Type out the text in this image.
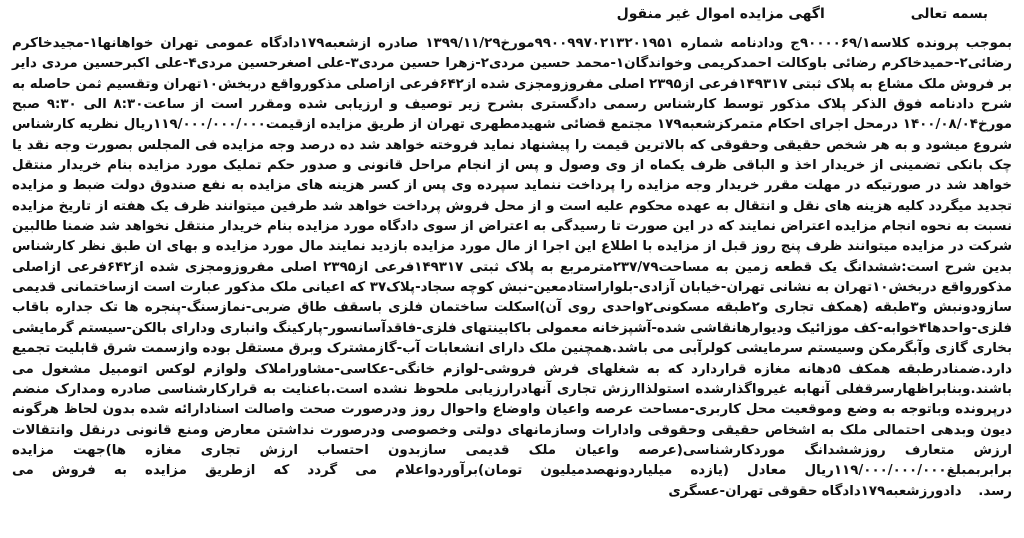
بسمه تعالی
اگهی مزایده اموال غیر منقول

بموجب پرونده کلاسه۹۰۰۰۰۶۹/۱ج ودادنامه شماره ۹۹۰۰۹۹۷۰۲۱۳۲۰۱۹۵۱مورخ۱۳۹۹/۱۱/۲۹ صادره ازشعبه۱۷۹دادگاه عمومی تهران خواهانها۱-مجیدخاکرم رضائی۲-حمیدخاکرم رضائی باوکالت احمدکریمی وخواندگان۱-محمد حسین مردی۲-زهرا حسین مردی۳-علی اصغرحسین مردی۴-علی اکبرحسین مردی دایر بر فروش ملک مشاع به پلاک ثبتی ۱۴۹۳۱۷فرعی از۲۳۹۵ اصلی مفروزومجزی شده از۶۴۲فرعی ازاصلی مذکورواقع دربخش۱۰تهران وتقسیم ثمن حاصله به شرح دادنامه فوق الذکر پلاک مذکور توسط کارشناس رسمی دادگستری بشرح زیر توصیف و ارزیابی شده ومقرر است از ساعت۸:۳۰ الی ۹:۳۰ صبح مورخ۱۴۰۰/۰۸/۰۴ درمحل اجرای احکام متمرکزشعبه۱۷۹ مجتمع قضائی شهیدمطهری تهران از طریق مزایده ازقیمت۱۱۹/۰۰۰/۰۰۰/۰۰۰ریال نظریه کارشناس شروع میشود و به هر شخص حقیقی وحقوقی که بالاترین قیمت را پیشنهاد نماید فروخته خواهد شد ده درصد وجه مزایده فی المجلس بصورت وجه نقد یا چک بانکی تضمینی از خریدار اخذ و الباقی ظرف یکماه از وی وصول و پس از انجام مراحل قانونی و صدور حکم تملیک مورد مزایده بنام خریدار منتقل خواهد شد در صورتیکه در مهلت مقرر خریدار وجه مزایده را پرداخت ننماید سپرده وی پس از کسر هزینه های مزایده به نفع صندوق دولت ضبط و مزایده تجدید میگردد کلیه هزینه های نقل و انتقال به عهده محکوم علیه است و از محل فروش پرداخت خواهد شد طرفین میتوانند ظرف یک هفته از تاریخ مزایده نسبت به نحوه انجام مزایده اعتراض نمایند که در این صورت تا رسیدگی به اعتراض از سوی دادگاه مورد مزایده بنام خریدار منتقل نخواهد شد ضمنا طالبین شرکت در مزایده میتوانند ظرف پنج روز قبل از مزایده با اطلاع این اجرا از مال مورد مزایده بازدید نمایند مال مورد مزایده و بهای ان طبق نظر کارشناس بدین شرح است:ششدانگ یک قطعه زمین به مساحت۲۳۷/۷۹مترمربع به پلاک ثبتی ۱۴۹۳۱۷فرعی از۲۳۹۵ اصلی مفروزومجزی شده از۶۴۲فرعی ازاصلی مذکورواقع دربخش۱۰تهران به نشانی تهران-خیابان آزادی-بلواراستادمعین-نبش کوچه سجاد-پلاک۳۷ که اعیانی ملک مذکور عبارت است ازساختمانی قدیمی سازودونبش و۳طبقه (همکف تجاری و۲طبقه مسکونی۲واحدی روی آن)اسکلت ساختمان فلزی باسقف طاق ضربی-نمازسنگ-پنجره ها تک جداره باقاب فلزی-واحدها۴خوابه-کف موزائیک ودیوارهانقاشی شده-آشپزخانه معمولی باکابینتهای فلزی-فاقدآسانسور-پارکینگ وانباری ودارای بالکن-سیستم گرمایشی بخاری گازی وآبگرمکن وسیستم سرمایشی کولرآبی می باشد.همچنین ملک دارای انشعابات آب-گازمشترک وبرق مستقل بوده وازسمت شرق قابلیت تجمیع دارد.ضمنادرطبقه همکف ۵دهانه مغازه قراردارد که به شغلهای فرش فروشی-لوازم خانگی-عکاسی-مشاوراملاک ولوازم لوکس اتومبیل مشغول می باشند.وبنابراظهارسرقفلی آنهابه غیرواگذارشده استولذاارزش تجاری آنهادرارزیابی ملحوظ نشده است.باعنایت به قرارکارشناسی صادره ومدارک منضم درپرونده وباتوجه به وضع وموقعیت محل کاربری-مساحت عرصه واعیان واوضاع واحوال روز ودرصورت صحت واصالت اسنادارائه شده بدون لحاظ هرگونه دیون وبدهی احتمالی ملک به اشخاص حقیقی وحقوقی وادارات وسازمانهای دولتی وخصوصی ودرصورت نداشتن معارض ومنع قانونی درنقل وانتقالات ارزش متعارف روزششدانگ موردکارشناسی(عرصه واعیان ملک قدیمی سازبدون احتساب ارزش تجاری مغازه ها)جهت مزایده برابربمبلغ۱۱۹/۰۰۰/۰۰۰/۰۰۰ریال معادل (یازده میلیاردونهصدمیلیون تومان)برآوردواعلام می گردد که ازطریق مزایده به فروش می رسد.    دادورزشعبه۱۷۹دادگاه حقوقی تهران-عسگری
